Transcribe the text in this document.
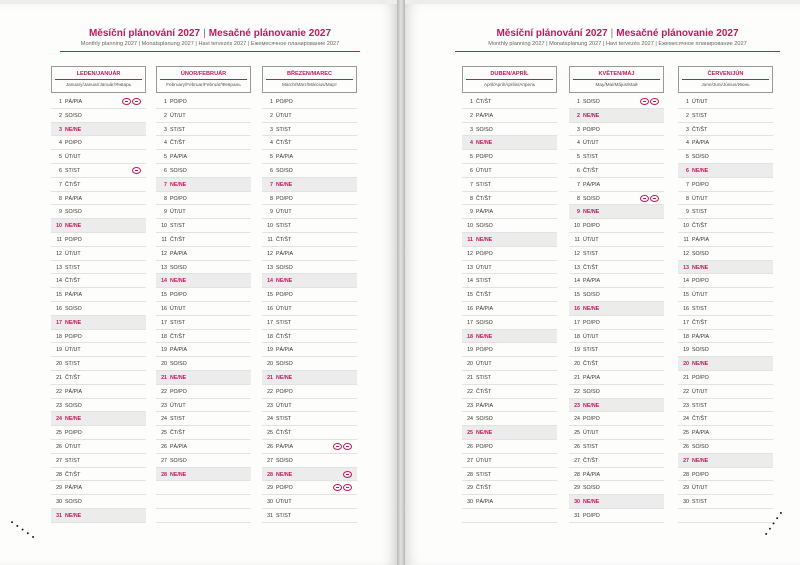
Měsíční plánování 2027 | Mesačné plánovanie 2027
Monthly planning 2027 | Monatsplanung 2027 | Havi tervezés 2027 | Ежемесячное планирование 2027
LEDEN/JANUÁR
January/Januar/Január/Январь
1 PÁ/PIA
2 SO/SO
3 NE/NE
4 PO/PO
5 ÚT/UT
6 ST/ST
7 ČT/ŠT
8 PÁ/PIA
9 SO/SO
10 NE/NE
11 PO/PO
12 ÚT/UT
13 ST/ST
14 ČT/ŠT
15 PÁ/PIA
16 SO/SO
17 NE/NE
18 PO/PO
19 ÚT/UT
20 ST/ST
21 ČT/ŠT
22 PÁ/PIA
23 SO/SO
24 NE/NE
25 PO/PO
26 ÚT/UT
27 ST/ST
28 ČT/ŠT
29 PÁ/PIA
30 SO/SO
31 NE/NE
ÚNOR/FEBRUÁR
February/Februar/Február/Февраль
1 PO/PO
2 ÚT/UT
3 ST/ST
4 ČT/ŠT
5 PÁ/PIA
6 SO/SO
7 NE/NE
8 PO/PO
9 ÚT/UT
10 ST/ST
11 ČT/ŠT
12 PÁ/PIA
13 SO/SO
14 NE/NE
15 PO/PO
16 ÚT/UT
17 ST/ST
18 ČT/ŠT
19 PÁ/PIA
20 SO/SO
21 NE/NE
22 PO/PO
23 ÚT/UT
24 ST/ST
25 ČT/ŠT
26 PÁ/PIA
27 SO/SO
28 NE/NE
BŘEZEN/MAREC
March/März/Március/Март
1 PO/PO
2 ÚT/UT
3 ST/ST
4 ČT/ŠT
5 PÁ/PIA
6 SO/SO
7 NE/NE
8 PO/PO
9 ÚT/UT
10 ST/ST
11 ČT/ŠT
12 PÁ/PIA
13 SO/SO
14 NE/NE
15 PO/PO
16 ÚT/UT
17 ST/ST
18 ČT/ŠT
19 PÁ/PIA
20 SO/SO
21 NE/NE
22 PO/PO
23 ÚT/UT
24 ST/ST
25 ČT/ŠT
26 PÁ/PIA
27 SO/SO
28 NE/NE
29 PO/PO
30 ÚT/UT
31 ST/ST
Měsíční plánování 2027 | Mesačné plánovanie 2027
Monthly planning 2027 | Monatsplanung 2027 | Havi tervezés 2027 | Ежемесячное планирование 2027
DUBEN/APRÍL
April/April/Április/Апрель
1 ČT/ŠT
2 PÁ/PIA
3 SO/SO
4 NE/NE
5 PO/PO
6 ÚT/UT
7 ST/ST
8 ČT/ŠT
9 PÁ/PIA
10 SO/SO
11 NE/NE
12 PO/PO
13 ÚT/UT
14 ST/ST
15 ČT/ŠT
16 PÁ/PIA
17 SO/SO
18 NE/NE
19 PO/PO
20 ÚT/UT
21 ST/ST
22 ČT/ŠT
23 PÁ/PIA
24 SO/SO
25 NE/NE
26 PO/PO
27 ÚT/UT
28 ST/ST
29 ČT/ŠT
30 PÁ/PIA
KVĚTEN/MÁJ
May/Mai/Május/Май
1 SO/SO
2 NE/NE
3 PO/PO
4 ÚT/UT
5 ST/ST
6 ČT/ŠT
7 PÁ/PIA
8 SO/SO
9 NE/NE
10 PO/PO
11 ÚT/UT
12 ST/ST
13 ČT/ŠT
14 PÁ/PIA
15 SO/SO
16 NE/NE
17 PO/PO
18 ÚT/UT
19 ST/ST
20 ČT/ŠT
21 PÁ/PIA
22 SO/SO
23 NE/NE
24 PO/PO
25 ÚT/UT
26 ST/ST
27 ČT/ŠT
28 PÁ/PIA
29 SO/SO
30 NE/NE
31 PO/PO
ČERVEN/JÚN
June/Juni/Június/Июнь
1 ÚT/UT
2 ST/ST
3 ČT/ŠT
4 PÁ/PIA
5 SO/SO
6 NE/NE
7 PO/PO
8 ÚT/UT
9 ST/ST
10 ČT/ŠT
11 PÁ/PIA
12 SO/SO
13 NE/NE
14 PO/PO
15 ÚT/UT
16 ST/ST
17 ČT/ŠT
18 PÁ/PIA
19 SO/SO
20 NE/NE
21 PO/PO
22 ÚT/UT
23 ST/ST
24 ČT/ŠT
25 PÁ/PIA
26 SO/SO
27 NE/NE
28 PO/PO
29 ÚT/UT
30 ST/ST
• • • • •	• • • • •
